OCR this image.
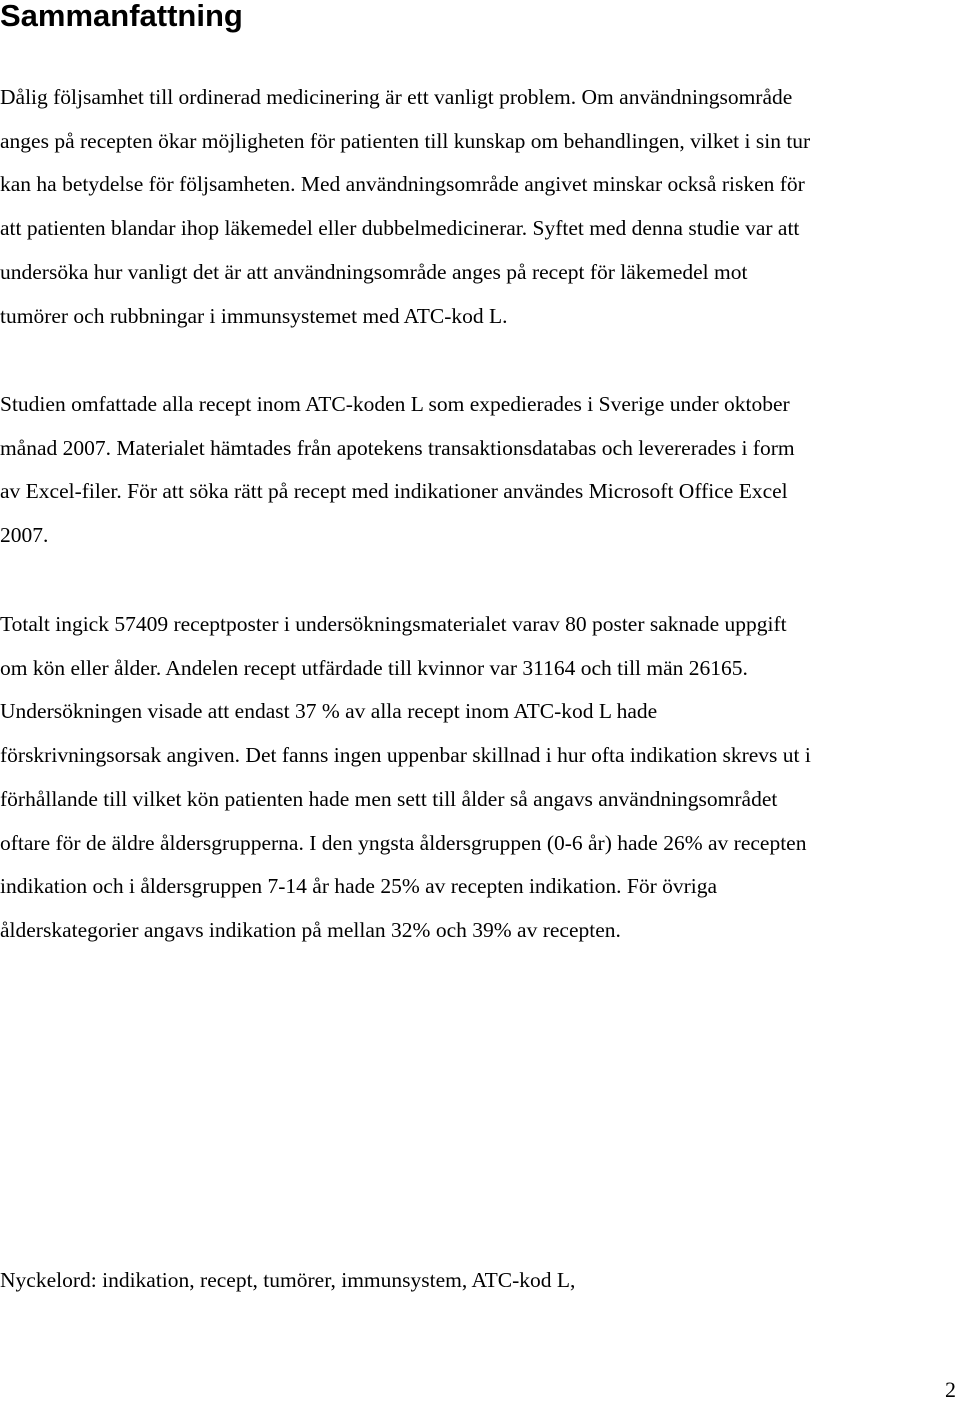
Sammanfattning

Dålig följsamhet till ordinerad medicinering är ett vanligt problem. Om användningsområde
anges på recepten ökar möjligheten för patienten till kunskap om behandlingen, vilket i sin tur
kan ha betydelse för följsamheten. Med användningsområde angivet minskar också risken för
att patienten blandar ihop läkemedel eller dubbelmedicinerar. Syftet med denna studie var att
undersöka hur vanligt det är att användningsområde anges på recept för läkemedel mot
tumörer och rubbningar i immunsystemet med ATC-kod L.

Studien omfattade alla recept inom ATC-koden L som expedierades i Sverige under oktober
månad 2007. Materialet hämtades från apotekens transaktionsdatabas och levererades i form
av Excel-filer. För att söka rätt på recept med indikationer användes Microsoft Office Excel
2007.

Totalt ingick 57409 receptposter i undersökningsmaterialet varav 80 poster saknade uppgift
om kön eller ålder. Andelen recept utfärdade till kvinnor var 31164 och till män 26165.
Undersökningen visade att endast 37 % av alla recept inom ATC-kod L hade
förskrivningsorsak angiven. Det fanns ingen uppenbar skillnad i hur ofta indikation skrevs ut i
förhållande till vilket kön patienten hade men sett till ålder så angavs användningsområdet
oftare för de äldre åldersgrupperna. I den yngsta åldersgruppen (0-6 år) hade 26% av recepten
indikation och i åldersgruppen 7-14 år hade 25% av recepten indikation. För övriga
ålderskategorier angavs indikation på mellan 32% och 39% av recepten.

Nyckelord: indikation, recept, tumörer, immunsystem, ATC-kod L,

2
